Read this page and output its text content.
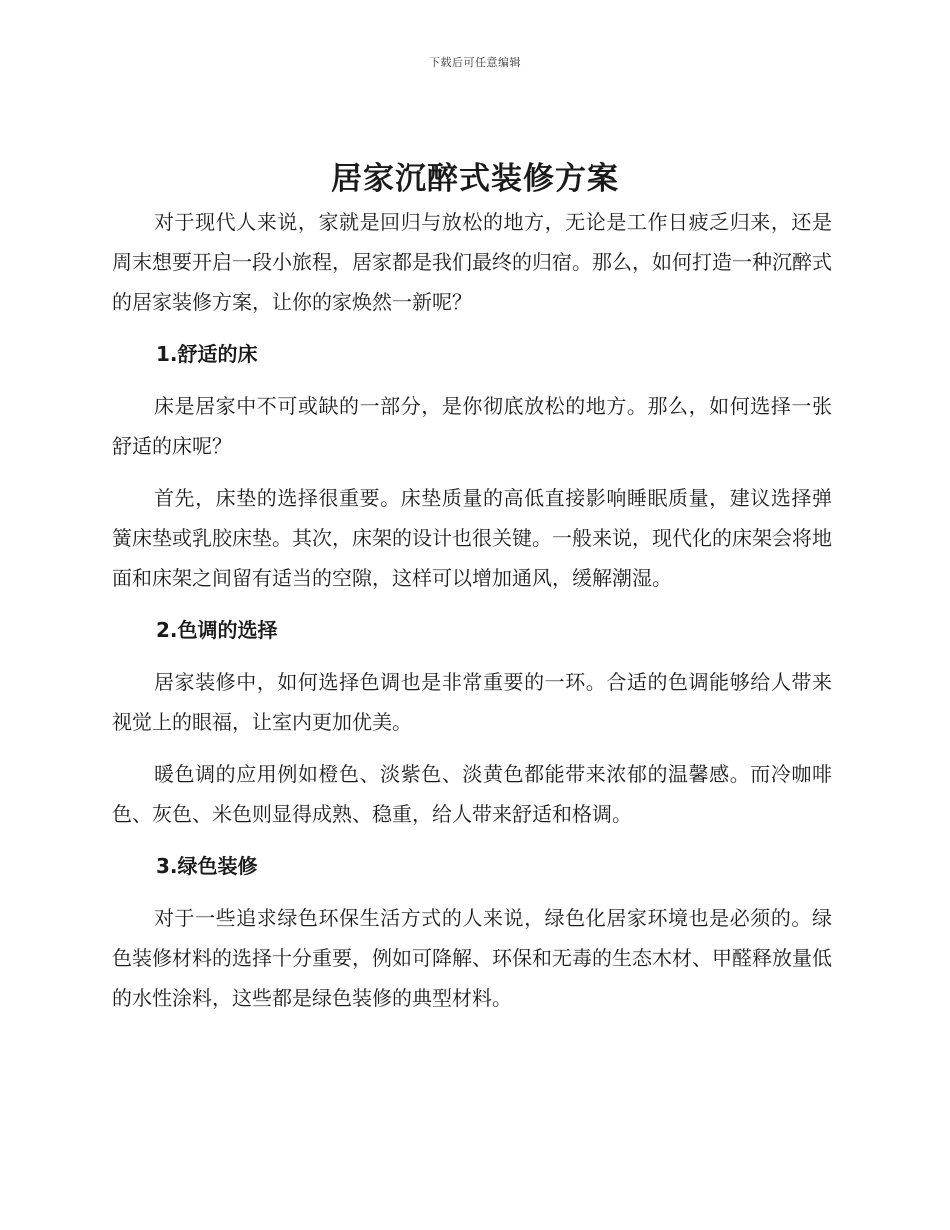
下载后可任意编辑
居家沉醉式装修方案

对于现代人来说，家就是回归与放松的地方，无论是工作日疲乏归来，还是周末想要开启一段小旅程，居家都是我们最终的归宿。那么，如何打造一种沉醉式的居家装修方案，让你的家焕然一新呢？

1.舒适的床

床是居家中不可或缺的一部分，是你彻底放松的地方。那么，如何选择一张舒适的床呢？

首先，床垫的选择很重要。床垫质量的高低直接影响睡眠质量，建议选择弹簧床垫或乳胶床垫。其次，床架的设计也很关键。一般来说，现代化的床架会将地面和床架之间留有适当的空隙，这样可以增加通风，缓解潮湿。

2.色调的选择

居家装修中，如何选择色调也是非常重要的一环。合适的色调能够给人带来视觉上的眼福，让室内更加优美。

暖色调的应用例如橙色、淡紫色、淡黄色都能带来浓郁的温馨感。而冷咖啡色、灰色、米色则显得成熟、稳重，给人带来舒适和格调。

3.绿色装修

对于一些追求绿色环保生活方式的人来说，绿色化居家环境也是必须的。绿色装修材料的选择十分重要，例如可降解、环保和无毒的生态木材、甲醛释放量低的水性涂料，这些都是绿色装修的典型材料。
